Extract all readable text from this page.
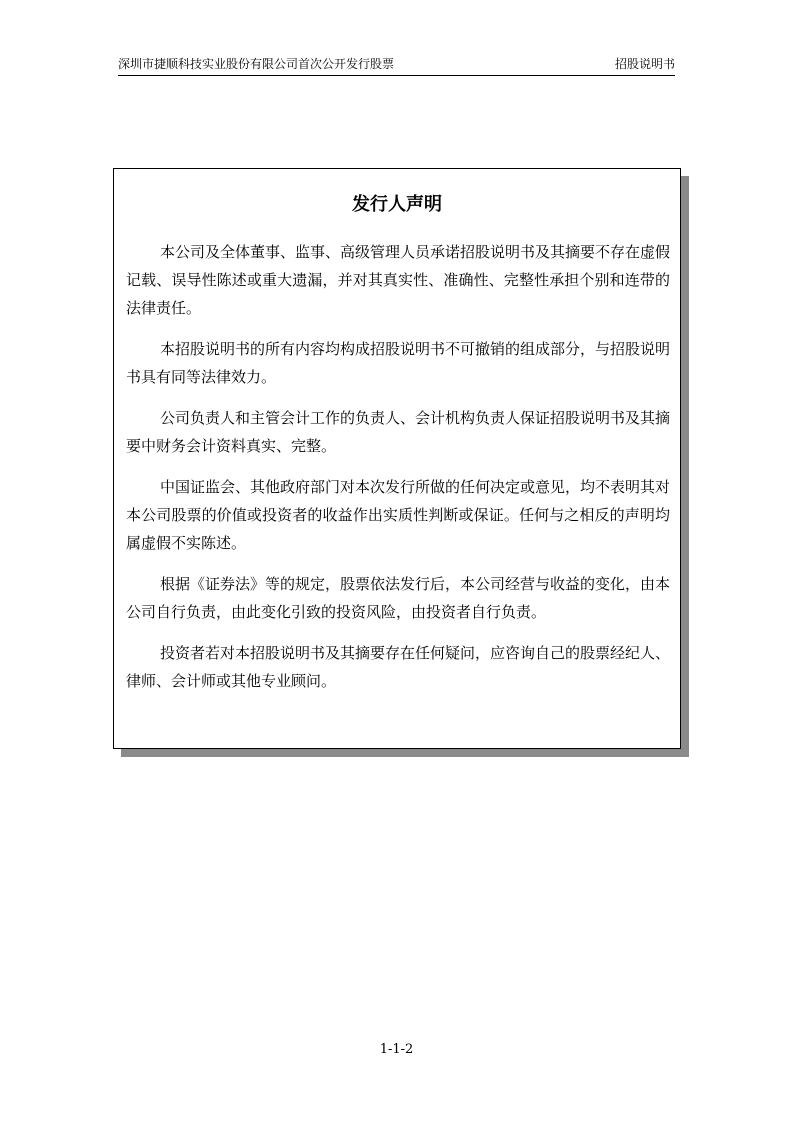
深圳市捷顺科技实业股份有限公司首次公开发行股票	招股说明书
发行人声明

本公司及全体董事、监事、高级管理人员承诺招股说明书及其摘要不存在虚假记载、误导性陈述或重大遗漏，并对其真实性、准确性、完整性承担个别和连带的法律责任。

本招股说明书的所有内容均构成招股说明书不可撤销的组成部分，与招股说明书具有同等法律效力。

公司负责人和主管会计工作的负责人、会计机构负责人保证招股说明书及其摘要中财务会计资料真实、完整。

中国证监会、其他政府部门对本次发行所做的任何决定或意见，均不表明其对本公司股票的价值或投资者的收益作出实质性判断或保证。任何与之相反的声明均属虚假不实陈述。

根据《证券法》等的规定，股票依法发行后，本公司经营与收益的变化，由本公司自行负责，由此变化引致的投资风险，由投资者自行负责。

投资者若对本招股说明书及其摘要存在任何疑问，应咨询自己的股票经纪人、律师、会计师或其他专业顾问。

1-1-2
